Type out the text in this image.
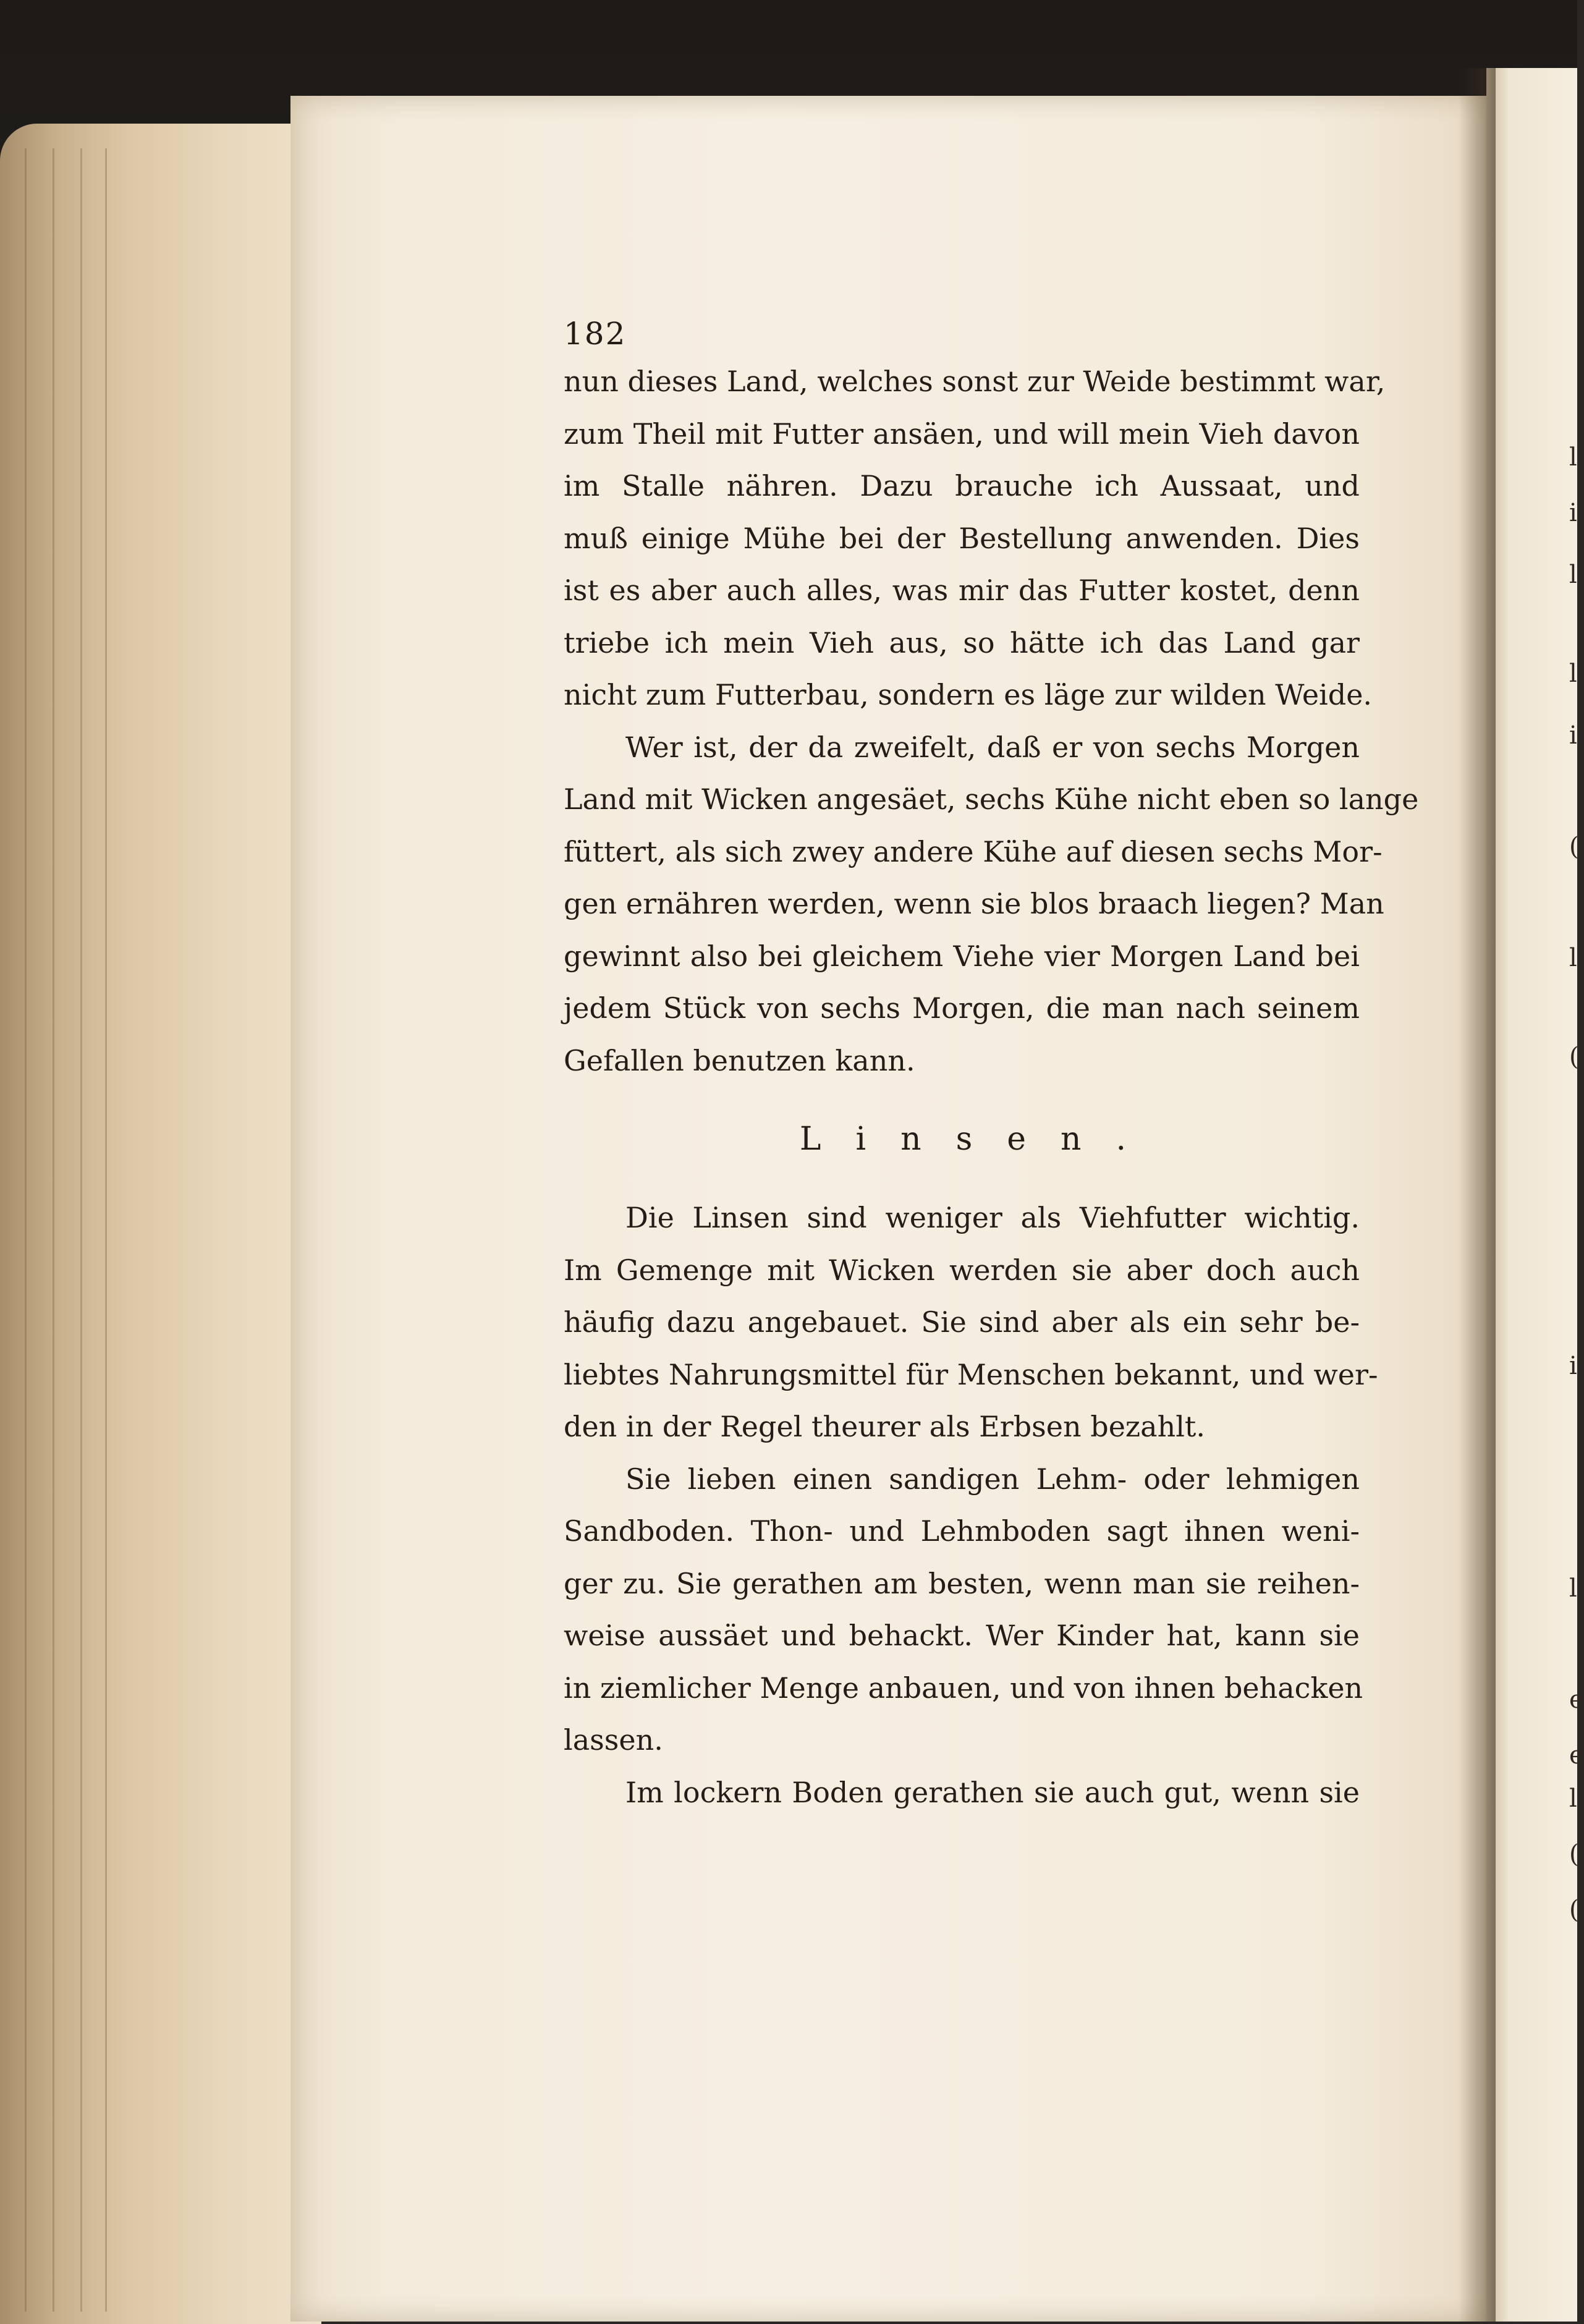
l
i
l
l
i
(
l
(
i
l
e
e
l
(
(
182
nun dieses Land, welches sonst zur Weide bestimmt war,
zum Theil mit Futter ansäen, und will mein Vieh davon
im Stalle nähren. Dazu brauche ich Aussaat, und
muß einige Mühe bei der Bestellung anwenden. Dies
ist es aber auch alles, was mir das Futter kostet, denn
triebe ich mein Vieh aus, so hätte ich das Land gar
nicht zum Futterbau, sondern es läge zur wilden Weide.
Wer ist, der da zweifelt, daß er von sechs Morgen
Land mit Wicken angesäet, sechs Kühe nicht eben so lange
füttert, als sich zwey andere Kühe auf diesen sechs Mor-
gen ernähren werden, wenn sie blos braach liegen? Man
gewinnt also bei gleichem Viehe vier Morgen Land bei
jedem Stück von sechs Morgen, die man nach seinem
Gefallen benutzen kann.
Linsen.
Die Linsen sind weniger als Viehfutter wichtig.
Im Gemenge mit Wicken werden sie aber doch auch
häufig dazu angebauet. Sie sind aber als ein sehr be-
liebtes Nahrungsmittel für Menschen bekannt, und wer-
den in der Regel theurer als Erbsen bezahlt.
Sie lieben einen sandigen Lehm- oder lehmigen
Sandboden. Thon- und Lehmboden sagt ihnen weni-
ger zu. Sie gerathen am besten, wenn man sie reihen-
weise aussäet und behackt. Wer Kinder hat, kann sie
in ziemlicher Menge anbauen, und von ihnen behacken
lassen.
Im lockern Boden gerathen sie auch gut, wenn sie
